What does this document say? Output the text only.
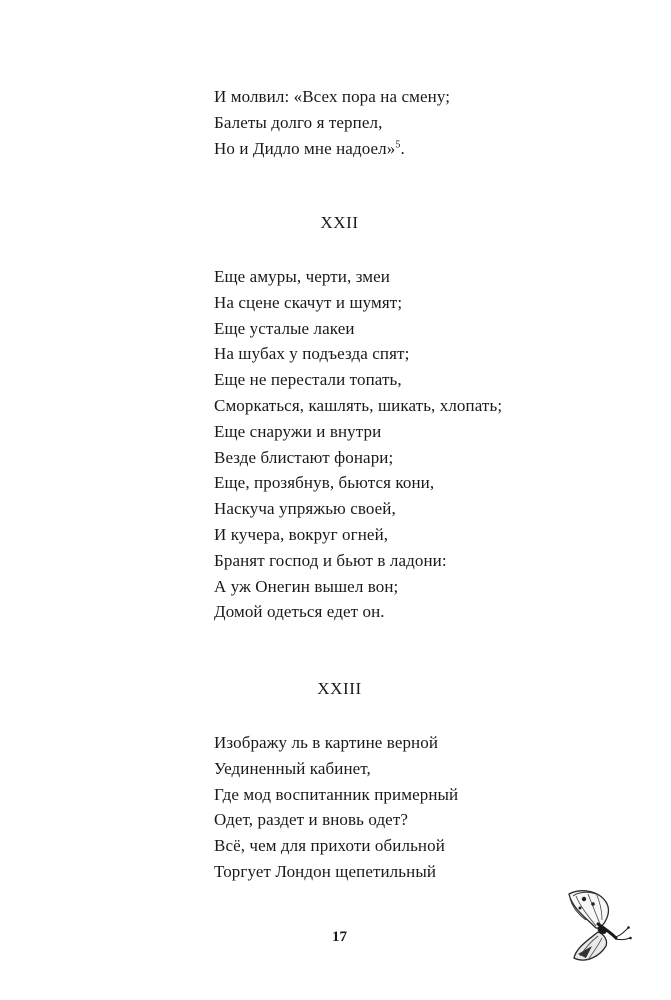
И молвил: «Всех пора на смену;
Балеты долго я терпел,
Но и Дидло мне надоел»$^5$.
XXII
Еще амуры, черти, змеи
На сцене скачут и шумят;
Еще усталые лакеи
На шубах у подъезда спят;
Еще не перестали топать,
Сморкаться, кашлять, шикать, хлопать;
Еще снаружи и внутри
Везде блистают фонари;
Еще, прозябнув, бьются кони,
Наскуча упряжью своей,
И кучера, вокруг огней,
Бранят господ и бьют в ладони:
А уж Онегин вышел вон;
Домой одеться едет он.
XXIII
Изображу ль в картине верной
Уединенный кабинет,
Где мод воспитанник примерный
Одет, раздет и вновь одет?
Всё, чем для прихоти обильной
Торгует Лондон щепетильный
17
